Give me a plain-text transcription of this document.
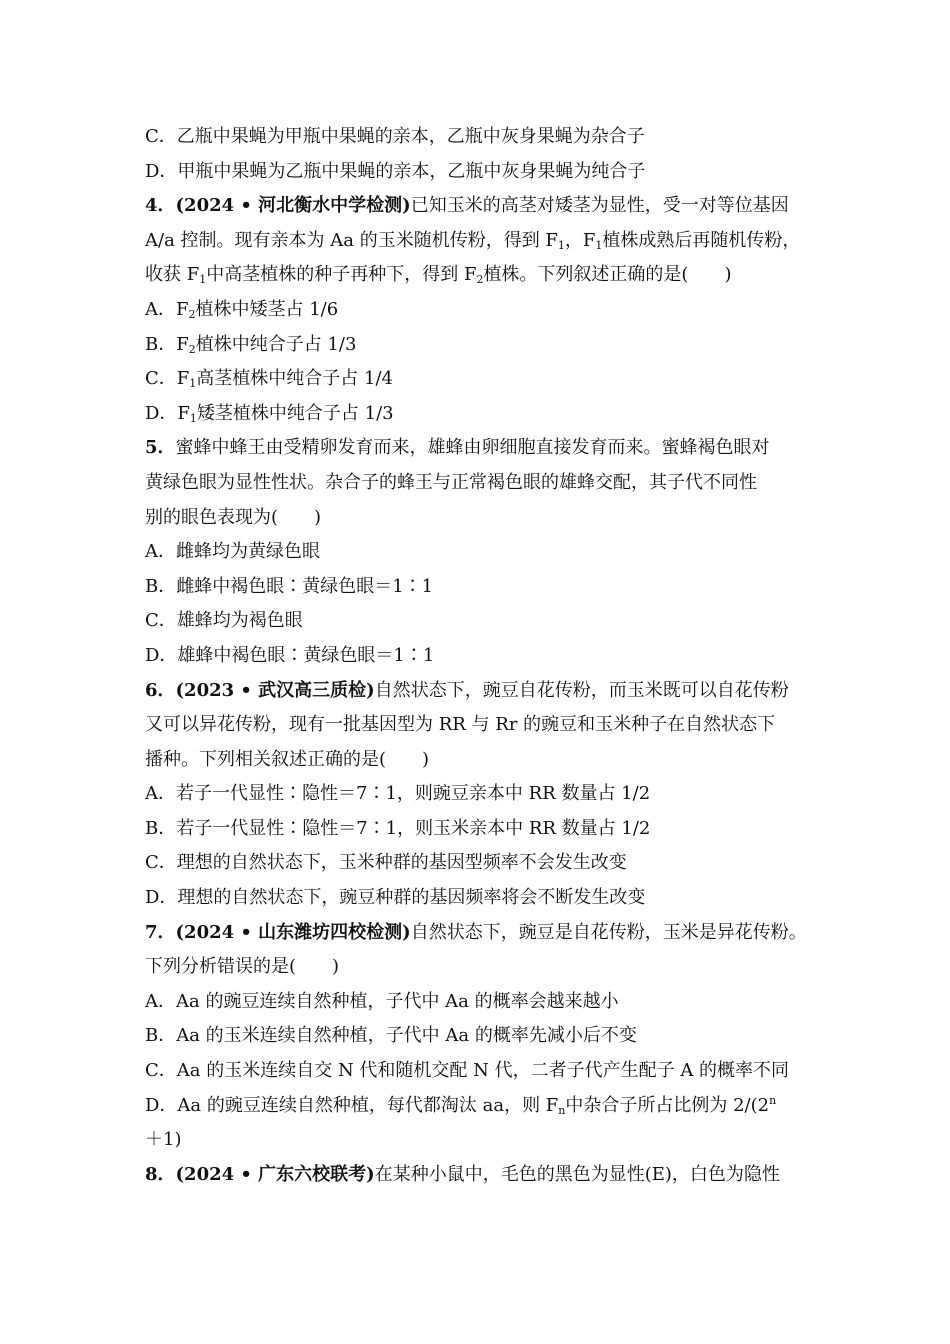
C．乙瓶中果蝇为甲瓶中果蝇的亲本，乙瓶中灰身果蝇为杂合子
D．甲瓶中果蝇为乙瓶中果蝇的亲本，乙瓶中灰身果蝇为纯合子
4．(2024 • 河北衡水中学检测)已知玉米的高茎对矮茎为显性，受一对等位基因
A/a 控制。现有亲本为 Aa 的玉米随机传粉，得到 $F_1$，$F_1$植株成熟后再随机传粉，
收获 $F_1$中高茎植株的种子再种下，得到 $F_2$植株。下列叙述正确的是(　　)
A．$F_2$植株中矮茎占 1/6
B．$F_2$植株中纯合子占 1/3
C．$F_1$高茎植株中纯合子占 1/4
D．$F_1$矮茎植株中纯合子占 1/3
5．蜜蜂中蜂王由受精卵发育而来，雄蜂由卵细胞直接发育而来。蜜蜂褐色眼对
黄绿色眼为显性性状。杂合子的蜂王与正常褐色眼的雄蜂交配，其子代不同性
别的眼色表现为(　　)
A．雌蜂均为黄绿色眼
B．雌蜂中褐色眼∶黄绿色眼＝1∶1
C．雄蜂均为褐色眼
D．雄蜂中褐色眼∶黄绿色眼＝1∶1
6．(2023 • 武汉高三质检)自然状态下，豌豆自花传粉，而玉米既可以自花传粉
又可以异花传粉，现有一批基因型为 RR 与 Rr 的豌豆和玉米种子在自然状态下
播种。下列相关叙述正确的是(　　)
A．若子一代显性∶隐性＝7∶1，则豌豆亲本中 RR 数量占 1/2
B．若子一代显性∶隐性＝7∶1，则玉米亲本中 RR 数量占 1/2
C．理想的自然状态下，玉米种群的基因型频率不会发生改变
D．理想的自然状态下，豌豆种群的基因频率将会不断发生改变
7．(2024 • 山东潍坊四校检测)自然状态下，豌豆是自花传粉，玉米是异花传粉。
下列分析错误的是(　　)
A．Aa 的豌豆连续自然种植，子代中 Aa 的概率会越来越小
B．Aa 的玉米连续自然种植，子代中 Aa 的概率先减小后不变
C．Aa 的玉米连续自交 N 代和随机交配 N 代，二者子代产生配子 A 的概率不同
D．Aa 的豌豆连续自然种植，每代都淘汰 aa，则 $F_n$中杂合子所占比例为 $2/(2^n$
＋1)
8．(2024 • 广东六校联考)在某种小鼠中，毛色的黑色为显性(E)，白色为隐性
